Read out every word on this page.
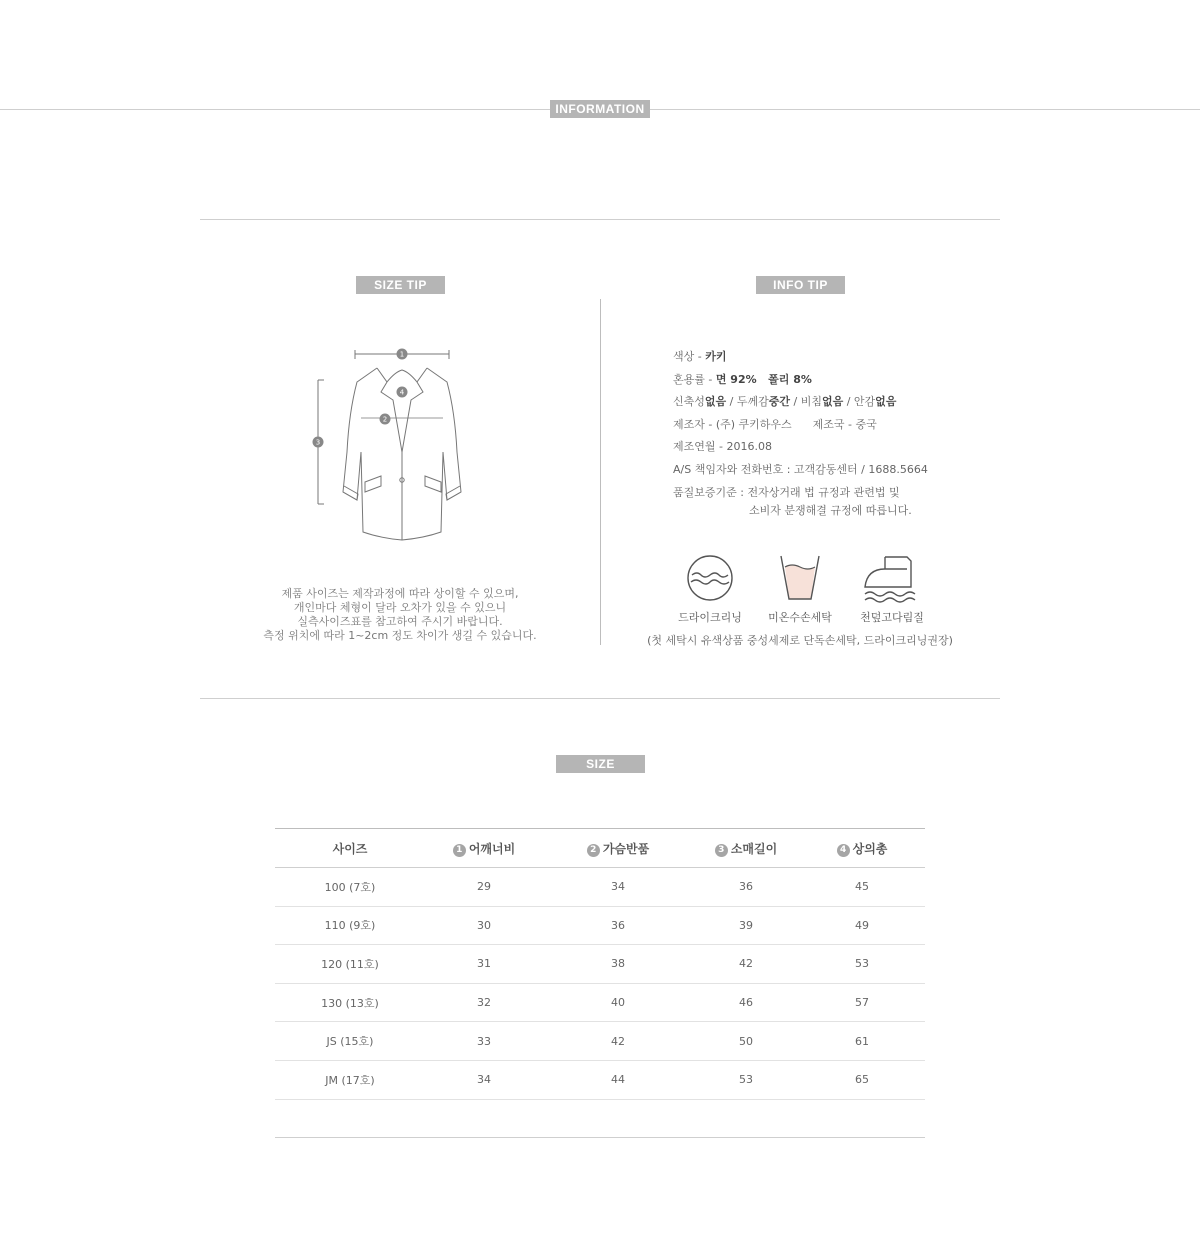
INFORMATION
SIZE TIP
1
2
3
4
제품 사이즈는 제작과정에 따라 상이할 수 있으며,
개인마다 체형이 달라 오차가 있을 수 있으니
실측사이즈표를 참고하여 주시기 바랍니다.
측정 위치에 따라 1~2cm 정도 차이가 생길 수 있습니다.
INFO TIP
색상 - 카키
혼용률 - 면 92%   폴리 8%
신축성없음 / 두께감중간 / 비침없음 / 안감없음
제조자 - (주) 쿠키하우스      제조국 - 중국
제조연월 - 2016.08
A/S 책임자와 전화번호 : 고객감동센터 / 1688.5664
품질보증기준 : 전자상거래 법 규정과 관련법 및
소비자 분쟁해결 규정에 따릅니다.
드라이크리닝	미온수손세탁	천덮고다림질
(첫 세탁시 유색상품 중성세제로 단독손세탁, 드라이크리닝권장)
SIZE
사이즈	1 어깨너비	2 가슴반품	3 소매길이	4 상의총
100 (7호)	29	34	36	45
110 (9호)	30	36	39	49
120 (11호)	31	38	42	53
130 (13호)	32	40	46	57
JS (15호)	33	42	50	61
JM (17호)	34	44	53	65
